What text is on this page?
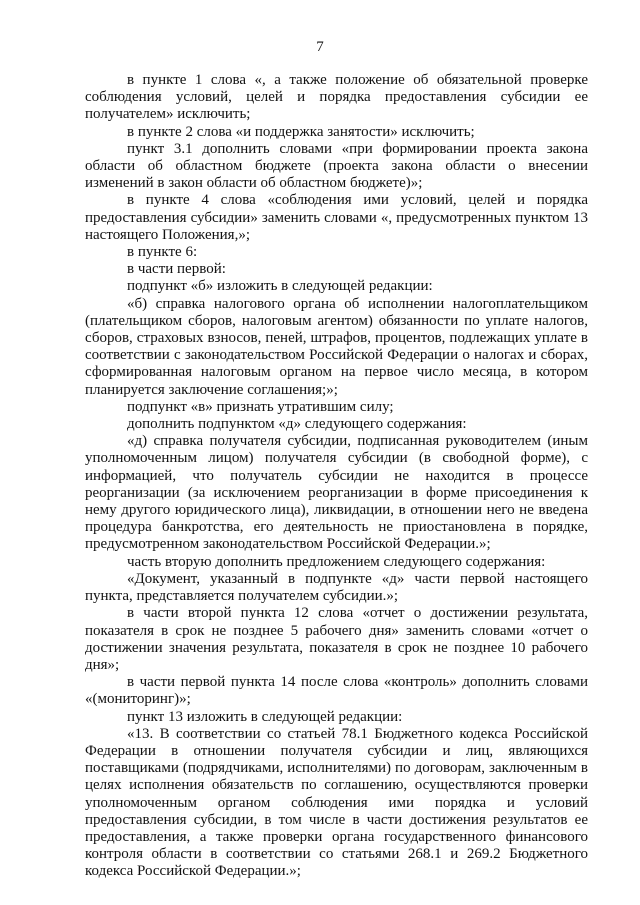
7

в пункте 1 слова «, а также положение об обязательной проверке соблюдения условий, целей и порядка предоставления субсидии ее получателем» исключить;

в пункте 2 слова «и поддержка занятости» исключить;

пункт 3.1 дополнить словами «при формировании проекта закона области об областном бюджете (проекта закона области о внесении изменений в закон области об областном бюджете)»;

в пункте 4 слова «соблюдения ими условий, целей и порядка предоставления субсидии» заменить словами «, предусмотренных пунктом 13 настоящего Положения,»;

в пункте 6:

в части первой:

подпункт «б» изложить в следующей редакции:

«б) справка налогового органа об исполнении налогоплательщиком (плательщиком сборов, налоговым агентом) обязанности по уплате налогов, сборов, страховых взносов, пеней, штрафов, процентов, подлежащих уплате в соответствии с законодательством Российской Федерации о налогах и сборах, сформированная налоговым органом на первое число месяца, в котором планируется заключение соглашения;»;

подпункт «в» признать утратившим силу;

дополнить подпунктом «д» следующего содержания:

«д) справка получателя субсидии, подписанная руководителем (иным уполномоченным лицом) получателя субсидии (в свободной форме), с информацией, что получатель субсидии не находится в процессе реорганизации (за исключением реорганизации в форме присоединения к нему другого юридического лица), ликвидации, в отношении него не введена процедура банкротства, его деятельность не приостановлена в порядке, предусмотренном законодательством Российской Федерации.»;

часть вторую дополнить предложением следующего содержания:

«Документ, указанный в подпункте «д» части первой настоящего пункта, представляется получателем субсидии.»;

в части второй пункта 12 слова «отчет о достижении результата, показателя в срок не позднее 5 рабочего дня» заменить словами «отчет о достижении значения результата, показателя в срок не позднее 10 рабочего дня»;

в части первой пункта 14 после слова «контроль» дополнить словами «(мониторинг)»;

пункт 13 изложить в следующей редакции:

«13. В соответствии со статьей 78.1 Бюджетного кодекса Российской Федерации в отношении получателя субсидии и лиц, являющихся поставщиками (подрядчиками, исполнителями) по договорам, заключенным в целях исполнения обязательств по соглашению, осуществляются проверки уполномоченным органом соблюдения ими порядка и условий предоставления субсидии, в том числе в части достижения результатов ее предоставления, а также проверки органа государственного финансового контроля области в соответствии со статьями 268.1 и 269.2 Бюджетного кодекса Российской Федерации.»;
